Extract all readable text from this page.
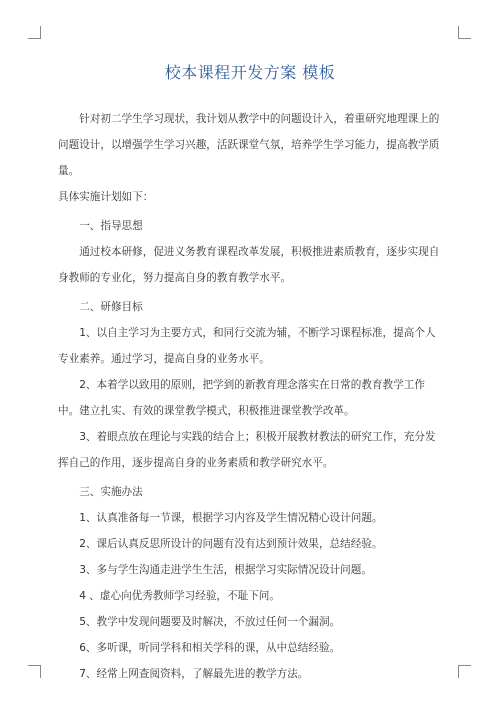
校本课程开发方案 模板

针对初二学生学习现状，我计划从教学中的问题设计入，着重研究地理课上的问题设计，以增强学生学习兴趣，活跃课堂气氛，培养学生学习能力，提高教学质量。

具体实施计划如下：

一、指导思想

通过校本研修，促进义务教育课程改革发展，积极推进素质教育，逐步实现自身教师的专业化，努力提高自身的教育教学水平。

二、研修目标

1、以自主学习为主要方式，和同行交流为辅，不断学习课程标准，提高个人专业素养。通过学习，提高自身的业务水平。

2、本着学以致用的原则，把学到的新教育理念落实在日常的教育教学工作中。建立扎实、有效的课堂教学模式，积极推进课堂教学改革。

3、着眼点放在理论与实践的结合上；积极开展教材教法的研究工作，充分发挥自己的作用，逐步提高自身的业务素质和教学研究水平。

三、实施办法

1、认真准备每一节课，根据学习内容及学生情况精心设计问题。

2、课后认真反思所设计的问题有没有达到预计效果，总结经验。

3、多与学生沟通走进学生生活，根据学习实际情况设计问题。

4 、虚心向优秀教师学习经验，不耻下问。

5、教学中发现问题要及时解决，不放过任何一个漏洞。

6、多听课，听同学科和相关学科的课，从中总结经验。

7、经常上网查阅资料，了解最先进的教学方法。
